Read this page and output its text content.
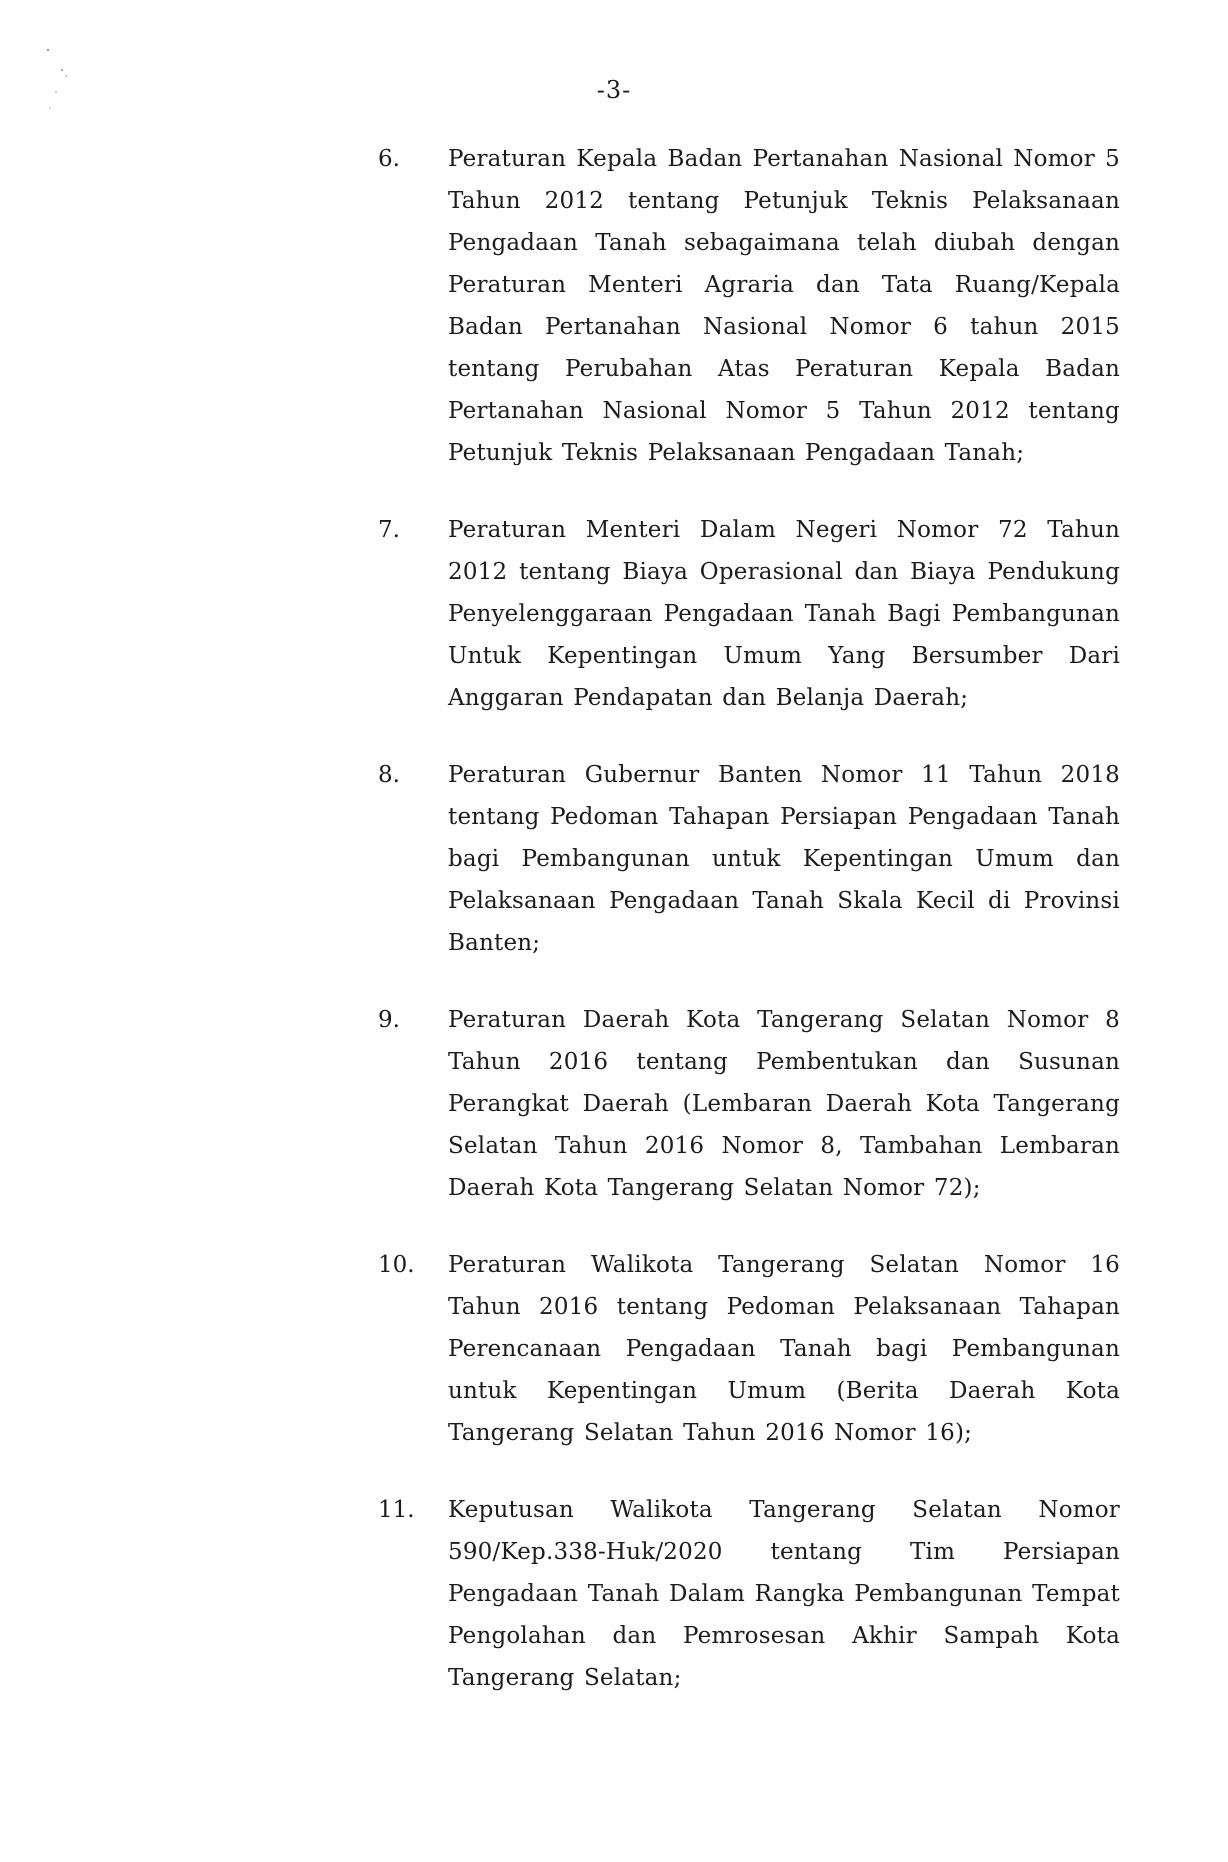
-3-
6.	Peraturan Kepala Badan Pertanahan Nasional Nomor 5 Tahun 2012 tentang Petunjuk Teknis Pelaksanaan Pengadaan Tanah sebagaimana telah diubah dengan Peraturan Menteri Agraria dan Tata Ruang/Kepala Badan Pertanahan Nasional Nomor 6 tahun 2015 tentang Perubahan Atas Peraturan Kepala Badan Pertanahan Nasional Nomor 5 Tahun 2012 tentang Petunjuk Teknis Pelaksanaan Pengadaan Tanah;
7.	Peraturan Menteri Dalam Negeri Nomor 72 Tahun 2012 tentang Biaya Operasional dan Biaya Pendukung Penyelenggaraan Pengadaan Tanah Bagi Pembangunan Untuk Kepentingan Umum Yang Bersumber Dari Anggaran Pendapatan dan Belanja Daerah;
8.	Peraturan Gubernur Banten Nomor 11 Tahun 2018 tentang Pedoman Tahapan Persiapan Pengadaan Tanah bagi Pembangunan untuk Kepentingan Umum dan Pelaksanaan Pengadaan Tanah Skala Kecil di Provinsi Banten;
9.	Peraturan Daerah Kota Tangerang Selatan Nomor 8 Tahun 2016 tentang Pembentukan dan Susunan Perangkat Daerah (Lembaran Daerah Kota Tangerang Selatan Tahun 2016 Nomor 8, Tambahan Lembaran Daerah Kota Tangerang Selatan Nomor 72);
10.	Peraturan Walikota Tangerang Selatan Nomor 16 Tahun 2016 tentang Pedoman Pelaksanaan Tahapan Perencanaan Pengadaan Tanah bagi Pembangunan untuk Kepentingan Umum (Berita Daerah Kota Tangerang Selatan Tahun 2016 Nomor 16);
11.	Keputusan Walikota Tangerang Selatan Nomor 590/Kep.338-Huk/2020 tentang Tim Persiapan Pengadaan Tanah Dalam Rangka Pembangunan Tempat Pengolahan dan Pemrosesan Akhir Sampah Kota Tangerang Selatan;
